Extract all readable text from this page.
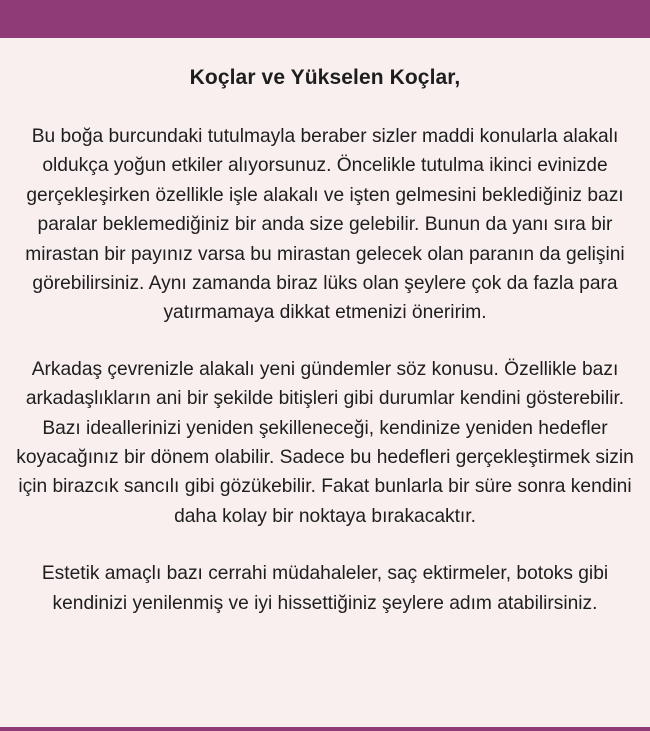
Koçlar ve Yükselen Koçlar,

Bu boğa burcundaki tutulmayla beraber sizler maddi konularla alakalı oldukça yoğun etkiler alıyorsunuz. Öncelikle tutulma ikinci evinizde gerçekleşirken özellikle işle alakalı ve işten gelmesini beklediğiniz bazı paralar beklemediğiniz bir anda size gelebilir. Bunun da yanı sıra bir mirastan bir payınız varsa bu mirastan gelecek olan paranın da gelişini görebilirsiniz. Aynı zamanda biraz lüks olan şeylere çok da fazla para yatırmamaya dikkat etmenizi öneririm.

Arkadaş çevrenizle alakalı yeni gündemler söz konusu. Özellikle bazı arkadaşlıkların ani bir şekilde bitişleri gibi durumlar kendini gösterebilir. Bazı ideallerinizi yeniden şekilleneceği, kendinize yeniden hedefler koyacağınız bir dönem olabilir. Sadece bu hedefleri gerçekleştirmek sizin için birazcık sancılı gibi gözükebilir. Fakat bunlarla bir süre sonra kendini daha kolay bir noktaya bırakacaktır.

Estetik amaçlı bazı cerrahi müdahaleler, saç ektirmeler, botoks gibi kendinizi yenilenmiş ve iyi hissettiğiniz şeylere adım atabilirsiniz.
